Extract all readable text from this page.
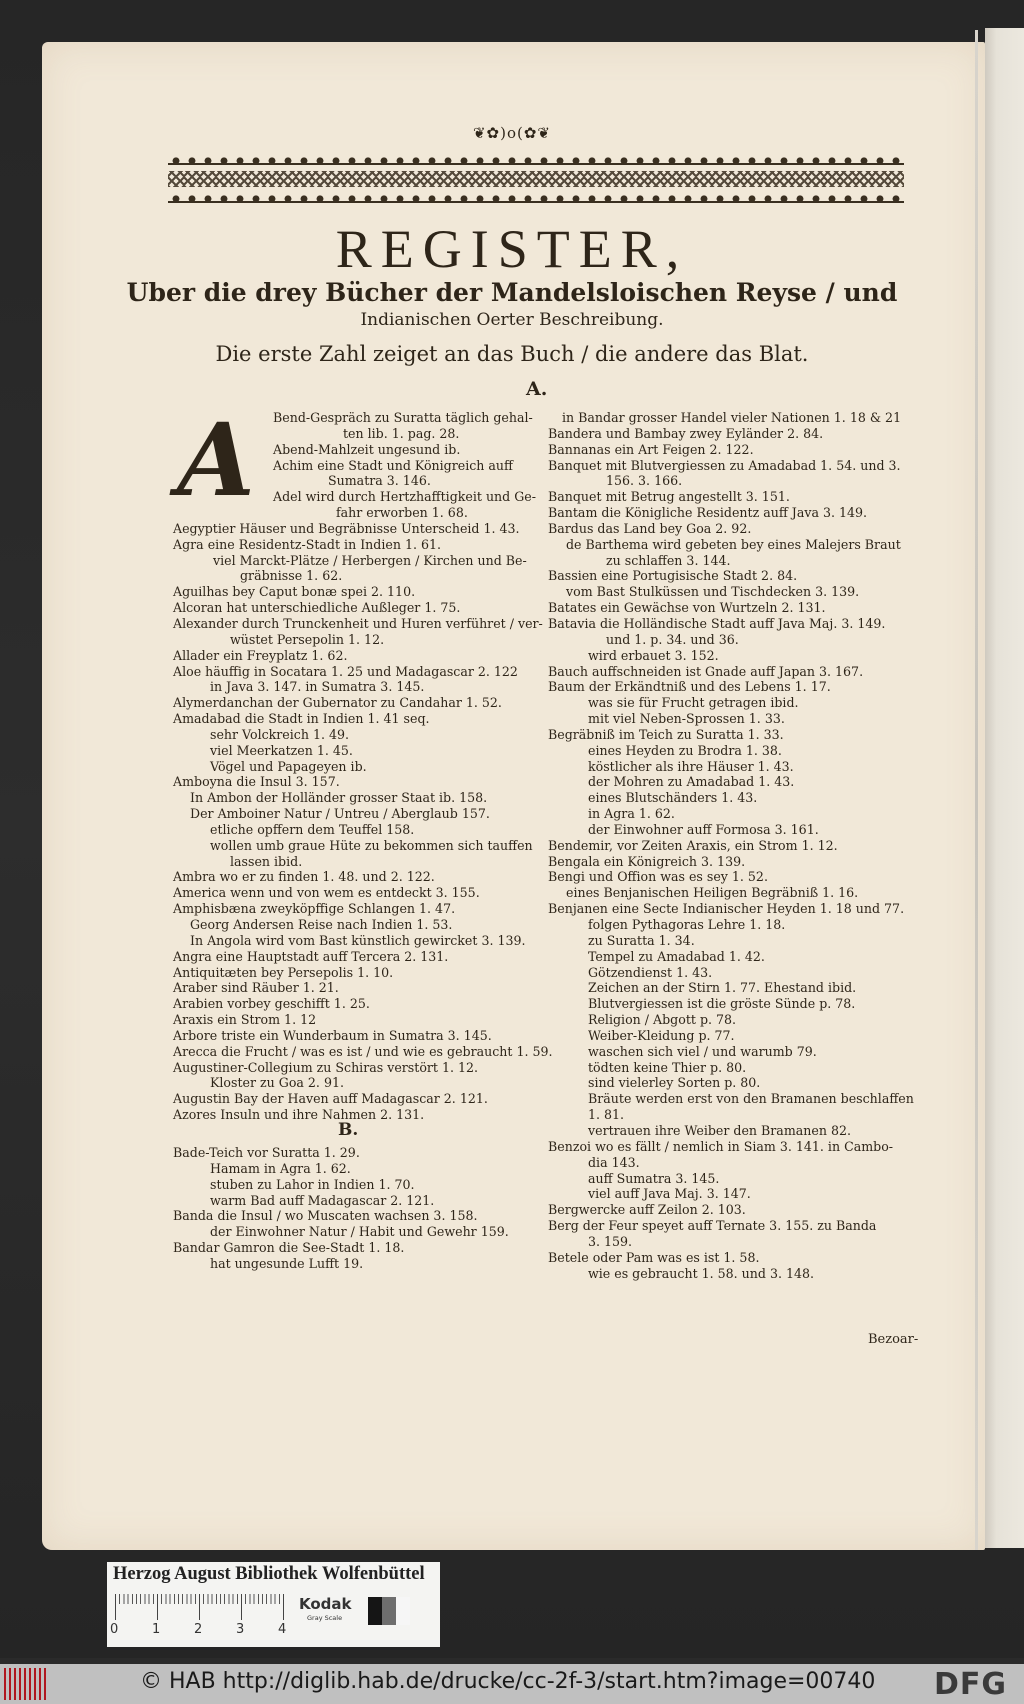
❦✿)o(✿❦
REGISTER,
Uber die drey Bücher der Mandelsloischen Reyse / und
Indianischen Oerter Beschreibung.
Die erste Zahl zeiget an das Buch / die andere das Blat.
A.
A	Bend-Gespräch zu Suratta täglich gehal-
ten lib. 1. pag. 28.
Abend-Mahlzeit ungesund ib.
Achim eine Stadt und Königreich auff
Sumatra 3. 146.
Adel wird durch Hertzhafftigkeit und Ge-
fahr erworben 1. 68.
Aegyptier Häuser und Begräbnisse Unterscheid 1. 43.
Agra eine Residentz-Stadt in Indien 1. 61.
viel Marckt-Plätze / Herbergen / Kirchen und Be-
gräbnisse 1. 62.
Aguilhas bey Caput bonæ spei 2. 110.
Alcoran hat unterschiedliche Außleger 1. 75.
Alexander durch Trunckenheit und Huren verführet / ver-
wüstet Persepolin 1. 12.
Allader ein Freyplatz 1. 62.
Aloe häuffig in Socatara 1. 25 und Madagascar 2. 122
in Java 3. 147. in Sumatra 3. 145.
Alymerdanchan der Gubernator zu Candahar 1. 52.
Amadabad die Stadt in Indien 1. 41 seq.
sehr Volckreich 1. 49.
viel Meerkatzen 1. 45.
Vögel und Papageyen ib.
Amboyna die Insul 3. 157.
In Ambon der Holländer grosser Staat ib. 158.
Der Amboiner Natur / Untreu / Aberglaub 157.
etliche opffern dem Teuffel 158.
wollen umb graue Hüte zu bekommen sich tauffen
lassen ibid.
Ambra wo er zu finden 1. 48. und 2. 122.
America wenn und von wem es entdeckt 3. 155.
Amphisbæna zweyköpffige Schlangen 1. 47.
Georg Andersen Reise nach Indien 1. 53.
In Angola wird vom Bast künstlich gewircket 3. 139.
Angra eine Hauptstadt auff Tercera 2. 131.
Antiquitæten bey Persepolis 1. 10.
Araber sind Räuber 1. 21.
Arabien vorbey geschifft 1. 25.
Araxis ein Strom 1. 12
Arbore triste ein Wunderbaum in Sumatra 3. 145.
Arecca die Frucht / was es ist / und wie es gebraucht 1. 59.
Augustiner-Collegium zu Schiras verstört 1. 12.
Kloster zu Goa 2. 91.
Augustin Bay der Haven auff Madagascar 2. 121.
Azores Insuln und ihre Nahmen 2. 131.
B.
Bade-Teich vor Suratta 1. 29.
Hamam in Agra 1. 62.
stuben zu Lahor in Indien 1. 70.
warm Bad auff Madagascar 2. 121.
Banda die Insul / wo Muscaten wachsen 3. 158.
der Einwohner Natur / Habit und Gewehr 159.
Bandar Gamron die See-Stadt 1. 18.
hat ungesunde Lufft 19.
in Bandar grosser Handel vieler Nationen 1. 18 & 21
Bandera und Bambay zwey Eyländer 2. 84.
Bannanas ein Art Feigen 2. 122.
Banquet mit Blutvergiessen zu Amadabad 1. 54. und 3.
156. 3. 166.
Banquet mit Betrug angestellt 3. 151.
Bantam die Königliche Residentz auff Java 3. 149.
Bardus das Land bey Goa 2. 92.
de Barthema wird gebeten bey eines Malejers Braut
zu schlaffen 3. 144.
Bassien eine Portugisische Stadt 2. 84.
vom Bast Stulküssen und Tischdecken 3. 139.
Batates ein Gewächse von Wurtzeln 2. 131.
Batavia die Holländische Stadt auff Java Maj. 3. 149.
und 1. p. 34. und 36.
wird erbauet 3. 152.
Bauch auffschneiden ist Gnade auff Japan 3. 167.
Baum der Erkändtniß und des Lebens 1. 17.
was sie für Frucht getragen ibid.
mit viel Neben-Sprossen 1. 33.
Begräbniß im Teich zu Suratta 1. 33.
eines Heyden zu Brodra 1. 38.
köstlicher als ihre Häuser 1. 43.
der Mohren zu Amadabad 1. 43.
eines Blutschänders 1. 43.
in Agra 1. 62.
der Einwohner auff Formosa 3. 161.
Bendemir, vor Zeiten Araxis, ein Strom 1. 12.
Bengala ein Königreich 3. 139.
Bengi und Offion was es sey 1. 52.
eines Benjanischen Heiligen Begräbniß 1. 16.
Benjanen eine Secte Indianischer Heyden 1. 18 und 77.
folgen Pythagoras Lehre 1. 18.
zu Suratta 1. 34.
Tempel zu Amadabad 1. 42.
Götzendienst 1. 43.
Zeichen an der Stirn 1. 77. Ehestand ibid.
Blutvergiessen ist die gröste Sünde p. 78.
Religion / Abgott p. 78.
Weiber-Kleidung p. 77.
waschen sich viel / und warumb 79.
tödten keine Thier p. 80.
sind vielerley Sorten p. 80.
Bräute werden erst von den Bramanen beschlaffen
1. 81.
vertrauen ihre Weiber den Bramanen 82.
Benzoi wo es fällt / nemlich in Siam 3. 141. in Cambo-
dia 143.
auff Sumatra 3. 145.
viel auff Java Maj. 3. 147.
Bergwercke auff Zeilon 2. 103.
Berg der Feur speyet auff Ternate 3. 155. zu Banda
3. 159.
Betele oder Pam was es ist 1. 58.
wie es gebraucht 1. 58. und 3. 148.
Bezoar-
Herzog August Bibliothek Wolfenbüttel
0	1	2	3	4
Kodak
Gray Scale
© HAB http://diglib.hab.de/drucke/cc-2f-3/start.htm?image=00740 DFG
